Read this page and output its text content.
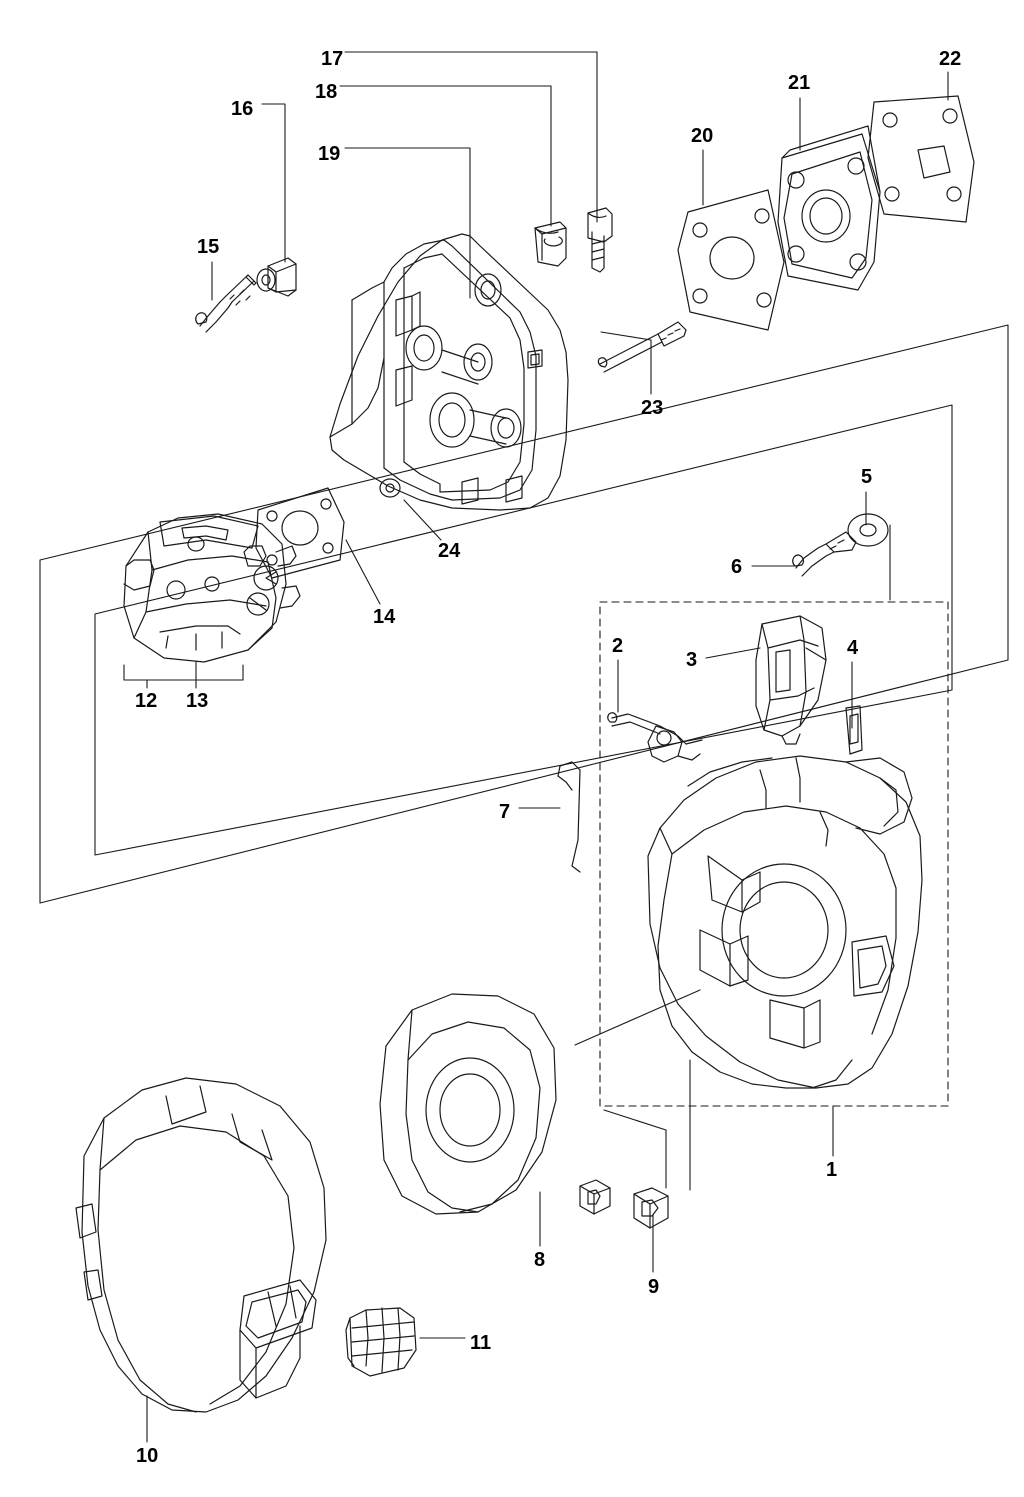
1
2
3
4
5
6
7
8
9
10
11
12 13
14
15
16
17
18
19
20
21
22
23
24
